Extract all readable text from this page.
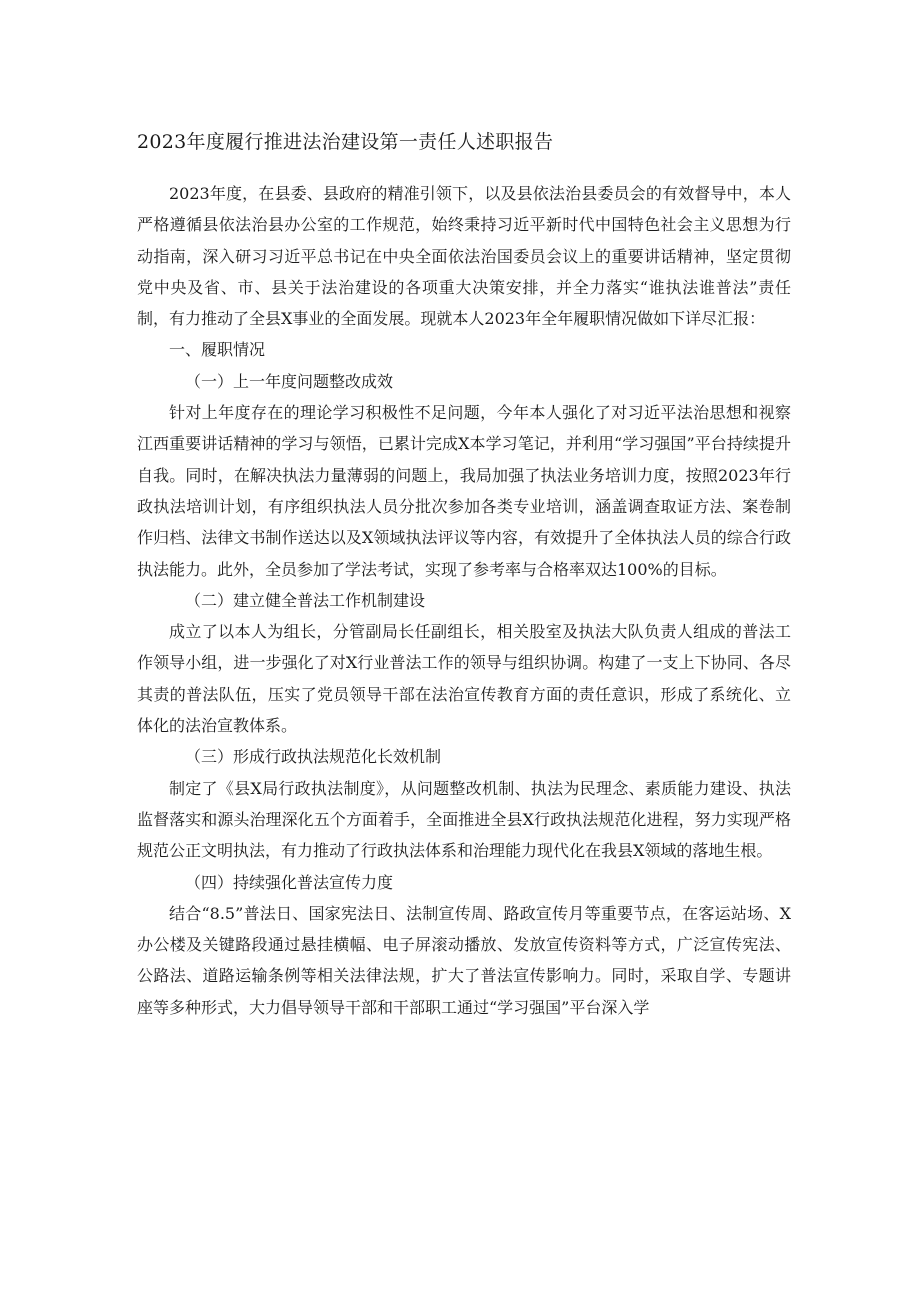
2023年度履行推进法治建设第一责任人述职报告

2023年度，在县委、县政府的精准引领下，以及县依法治县委员会的有效督导中，本人严格遵循县依法治县办公室的工作规范，始终秉持习近平新时代中国特色社会主义思想为行动指南，深入研习习近平总书记在中央全面依法治国委员会议上的重要讲话精神，坚定贯彻党中央及省、市、县关于法治建设的各项重大决策安排，并全力落实“谁执法谁普法”责任制，有力推动了全县X事业的全面发展。现就本人2023年全年履职情况做如下详尽汇报：

一、履职情况

（一）上一年度问题整改成效

针对上年度存在的理论学习积极性不足问题，今年本人强化了对习近平法治思想和视察江西重要讲话精神的学习与领悟，已累计完成X本学习笔记，并利用“学习强国”平台持续提升自我。同时，在解决执法力量薄弱的问题上，我局加强了执法业务培训力度，按照2023年行政执法培训计划，有序组织执法人员分批次参加各类专业培训，涵盖调查取证方法、案卷制作归档、法律文书制作送达以及X领域执法评议等内容，有效提升了全体执法人员的综合行政执法能力。此外，全员参加了学法考试，实现了参考率与合格率双达100%的目标。

（二）建立健全普法工作机制建设

成立了以本人为组长，分管副局长任副组长，相关股室及执法大队负责人组成的普法工作领导小组，进一步强化了对X行业普法工作的领导与组织协调。构建了一支上下协同、各尽其责的普法队伍，压实了党员领导干部在法治宣传教育方面的责任意识，形成了系统化、立体化的法治宣教体系。

（三）形成行政执法规范化长效机制

制定了《县X局行政执法制度》，从问题整改机制、执法为民理念、素质能力建设、执法监督落实和源头治理深化五个方面着手，全面推进全县X行政执法规范化进程，努力实现严格规范公正文明执法，有力推动了行政执法体系和治理能力现代化在我县X领域的落地生根。

（四）持续强化普法宣传力度

结合“8.5”普法日、国家宪法日、法制宣传周、路政宣传月等重要节点，在客运站场、X办公楼及关键路段通过悬挂横幅、电子屏滚动播放、发放宣传资料等方式，广泛宣传宪法、公路法、道路运输条例等相关法律法规，扩大了普法宣传影响力。同时，采取自学、专题讲座等多种形式，大力倡导领导干部和干部职工通过“学习强国”平台深入学
